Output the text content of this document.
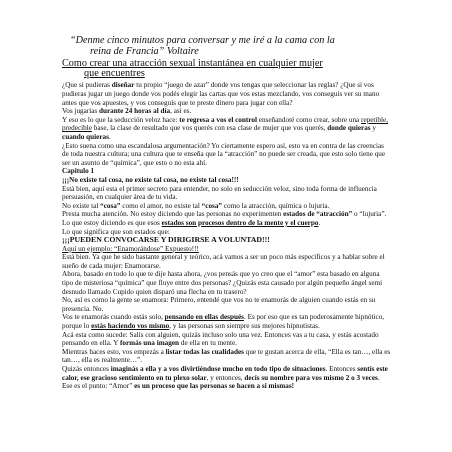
“Denme cinco minutos para conversar y me iré a la cama con la
reina de Francia” Voltaire
Como crear una atracción sexual instantánea en cualquier mujer
que encuentres

¿Que si pudieras diseñar tu propio “juego de azar” donde vos tengas que seleccionar las reglas? ¿Que si vos pudieras jugar un juego donde vos podés elegir las cartas que vos estas mezclando, vos conseguís ver su mano antes que vos apuestes, y vos conseguís que te preste dinero para jugar con ella?

Vos jugarías durante 24 horas al día, así es.

Y eso es lo que la seducción veloz hace: te regresa a vos el control enseñandoté como crear, sobre una repetible, predecible base, la clase de resultado que vos querés con esa clase de mujer que vos querés, donde quieras y cuando quieras.

¿Esto suena como una escandalosa argumentación? Yo ciertamente espero así, esto va en contra de las creencias de toda nuestra cultura; una cultura que te enseña que la “atracción” no puede ser creada, que esto solo tiene que ser un asunto de “química”, que esto o no esta ahí.

Capitulo 1

¡¡¡No existe tal cosa, no existe tal cosa, no existe tal cosa!!!

Está bien, aquí esta el primer secreto para entender, no solo en seducción veloz, sino toda forma de influencia persuasión, en cualquier área de tu vida.

No existe tal “cosa” como el amor, no existe tal “cosa” como la atracción, química o lujuria.

Presta mucha atención. No estoy diciendo que las personas no experimenten estados de “atracción” o “lujuria”. Lo que estoy diciendo es que esos estados son procesos dentro de la mente y el cuerpo.

Lo que significa que son estados que:

¡¡¡PUEDEN CONVOCARSE Y DIRIGIRSE A VOLUNTAD!!!

Aquí un ejemplo: “Enamorándose” Expuesto!!!

Está bien. Ya que he sido bastante general y teórico, acá vamos a ser un poco más específicos y a hablar sobre el sueño de cada mujer: Enamorarse.

Ahora, basado en todo lo que te dije hasta ahora, ¿vos pensás que yo creo que el “amor” esta basado en alguna tipo de misteriosa “química” que fluye entre dos personas? ¿Quizás esta causado por algún pequeño ángel semi desnudo llamado Cupido quien disparó una flecha en tu trasero?

No, así es como la gente se enamora: Primero, entendé que vos no te enamorás de alguien cuando estás en su presencia. No.

Vos te enamorás cuando estás solo, pensando en ellas después. Es por eso que es tan poderosamente hipnótico, porque lo estás haciendo vos mismo, y las personas son siempre sus mejores hipnotistas.

Acá esta como sucede: Salís con alguien, quizás incluso solo una vez. Entonces vas a tu casa, y estás acostado pensando en ella. Y formás una imagen de ella en tu mente.

Mientras haces esto, vos empezás a listar todas las cualidades que te gustan acerca de ella, “Ella es tan…, ella es tan…, ella es realmente…”.

Quizás entonces imaginás a ella y a vos divirtiéndose mucho en todo tipo de situaciones. Entonces sentís este calor, ese gracioso sentimiento en tu plexo solar, y entonces, decís su nombre para vos mismo 2 o 3 veces.

Ese es el punto: “Amor” es un proceso que las personas se hacen a si mismas!
